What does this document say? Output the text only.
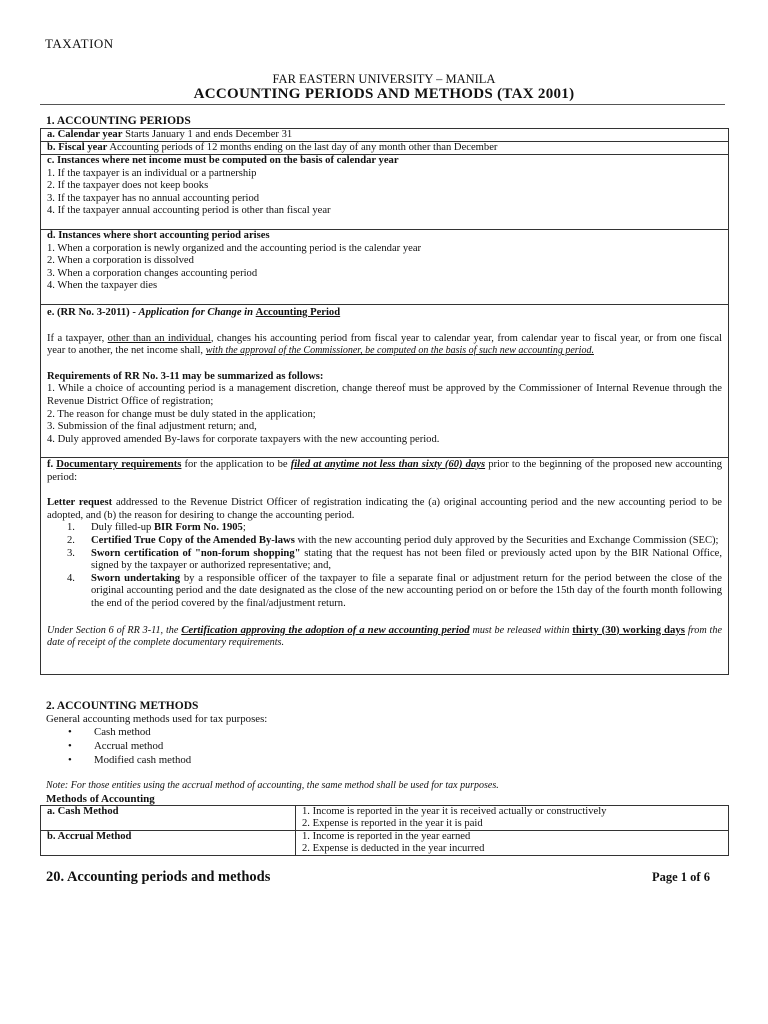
TAXATION
FAR EASTERN UNIVERSITY – MANILA
ACCOUNTING PERIODS AND METHODS (TAX 2001)
1. ACCOUNTING PERIODS
a. Calendar year Starts January 1 and ends December 31
b. Fiscal year Accounting periods of 12 months ending on the last day of any month other than December

c. Instances where net income must be computed on the basis of calendar year

1. If the taxpayer is an individual or a partnership

2. If the taxpayer does not keep books

3. If the taxpayer has no annual accounting period

4. If the taxpayer annual accounting period is other than fiscal year

d. Instances where short accounting period arises

1. When a corporation is newly organized and the accounting period is the calendar year

2. When a corporation is dissolved

3. When a corporation changes accounting period

4. When the taxpayer dies

e. (RR No. 3-2011) - Application for Change in Accounting Period

If a taxpayer, other than an individual, changes his accounting period from fiscal year to calendar year, from calendar year to fiscal year, or from one fiscal year to another, the net income shall, with the approval of the Commissioner, be computed on the basis of such new accounting period.

Requirements of RR No. 3-11 may be summarized as follows:

1. While a choice of accounting period is a management discretion, change thereof must be approved by the Commissioner of Internal Revenue through the Revenue District Office of registration;

2. The reason for change must be duly stated in the application;

3. Submission of the final adjustment return; and,

4. Duly approved amended By-laws for corporate taxpayers with the new accounting period.

f. Documentary requirements for the application to be filed at anytime not less than sixty (60) days prior to the beginning of the proposed new accounting period:

Letter request addressed to the Revenue District Officer of registration indicating the (a) original accounting period and the new accounting period to be adopted, and (b) the reason for desiring to change the accounting period.

1.	Duly filled-up BIR Form No. 1905;
2.	Certified True Copy of the Amended By-laws with the new accounting period duly approved by the Securities and Exchange Commission (SEC);
3.	Sworn certification of "non-forum shopping" stating that the request has not been filed or previously acted upon by the BIR National Office, signed by the taxpayer or authorized representative; and,
4.	Sworn undertaking by a responsible officer of the taxpayer to file a separate final or adjustment return for the period between the close of the original accounting period and the date designated as the close of the new accounting period on or before the 15th day of the fourth month following the end of the period covered by the final/adjustment return.

Under Section 6 of RR 3-11, the Certification approving the adoption of a new accounting period must be released within thirty (30) working days from the date of receipt of the complete documentary requirements.

2. ACCOUNTING METHODS
General accounting methods used for tax purposes:
• Cash method
• Accrual method
• Modified cash method
Note: For those entities using the accrual method of accounting, the same method shall be used for tax purposes.
Methods of Accounting
a. Cash Method	1. Income is reported in the year it is received actually or constructively
2. Expense is reported in the year it is paid

b. Accrual Method	1. Income is reported in the year earned
2. Expense is deducted in the year incurred
20. Accounting periods and methods	Page 1 of 6
